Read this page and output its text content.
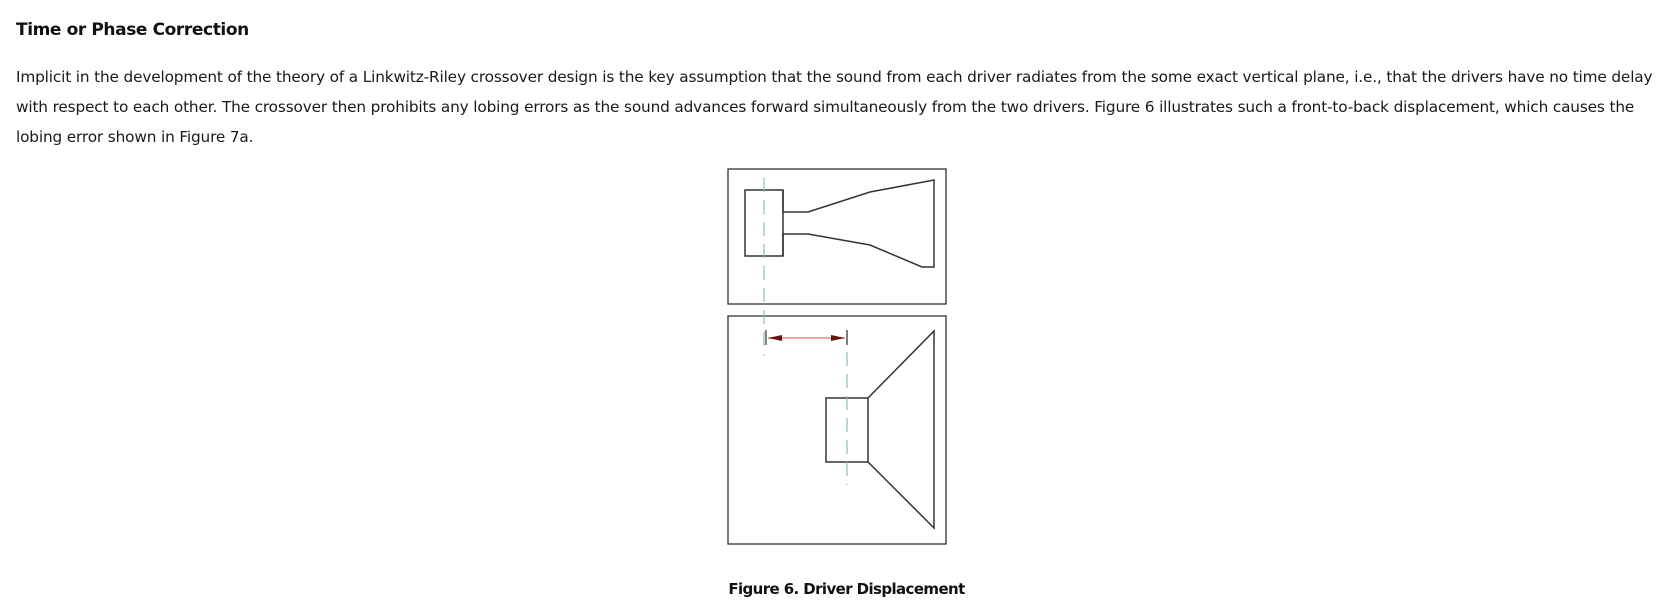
Time or Phase Correction

Implicit in the development of the theory of a Linkwitz-Riley crossover design is the key assumption that the sound from each driver radiates from the some exact vertical plane, i.e., that the drivers have no time delay with respect to each other. The crossover then prohibits any lobing errors as the sound advances forward simultaneously from the two drivers. Figure 6 illustrates such a front-to-back displacement, which causes the lobing error shown in Figure 7a.

Figure 6. Driver Displacement
